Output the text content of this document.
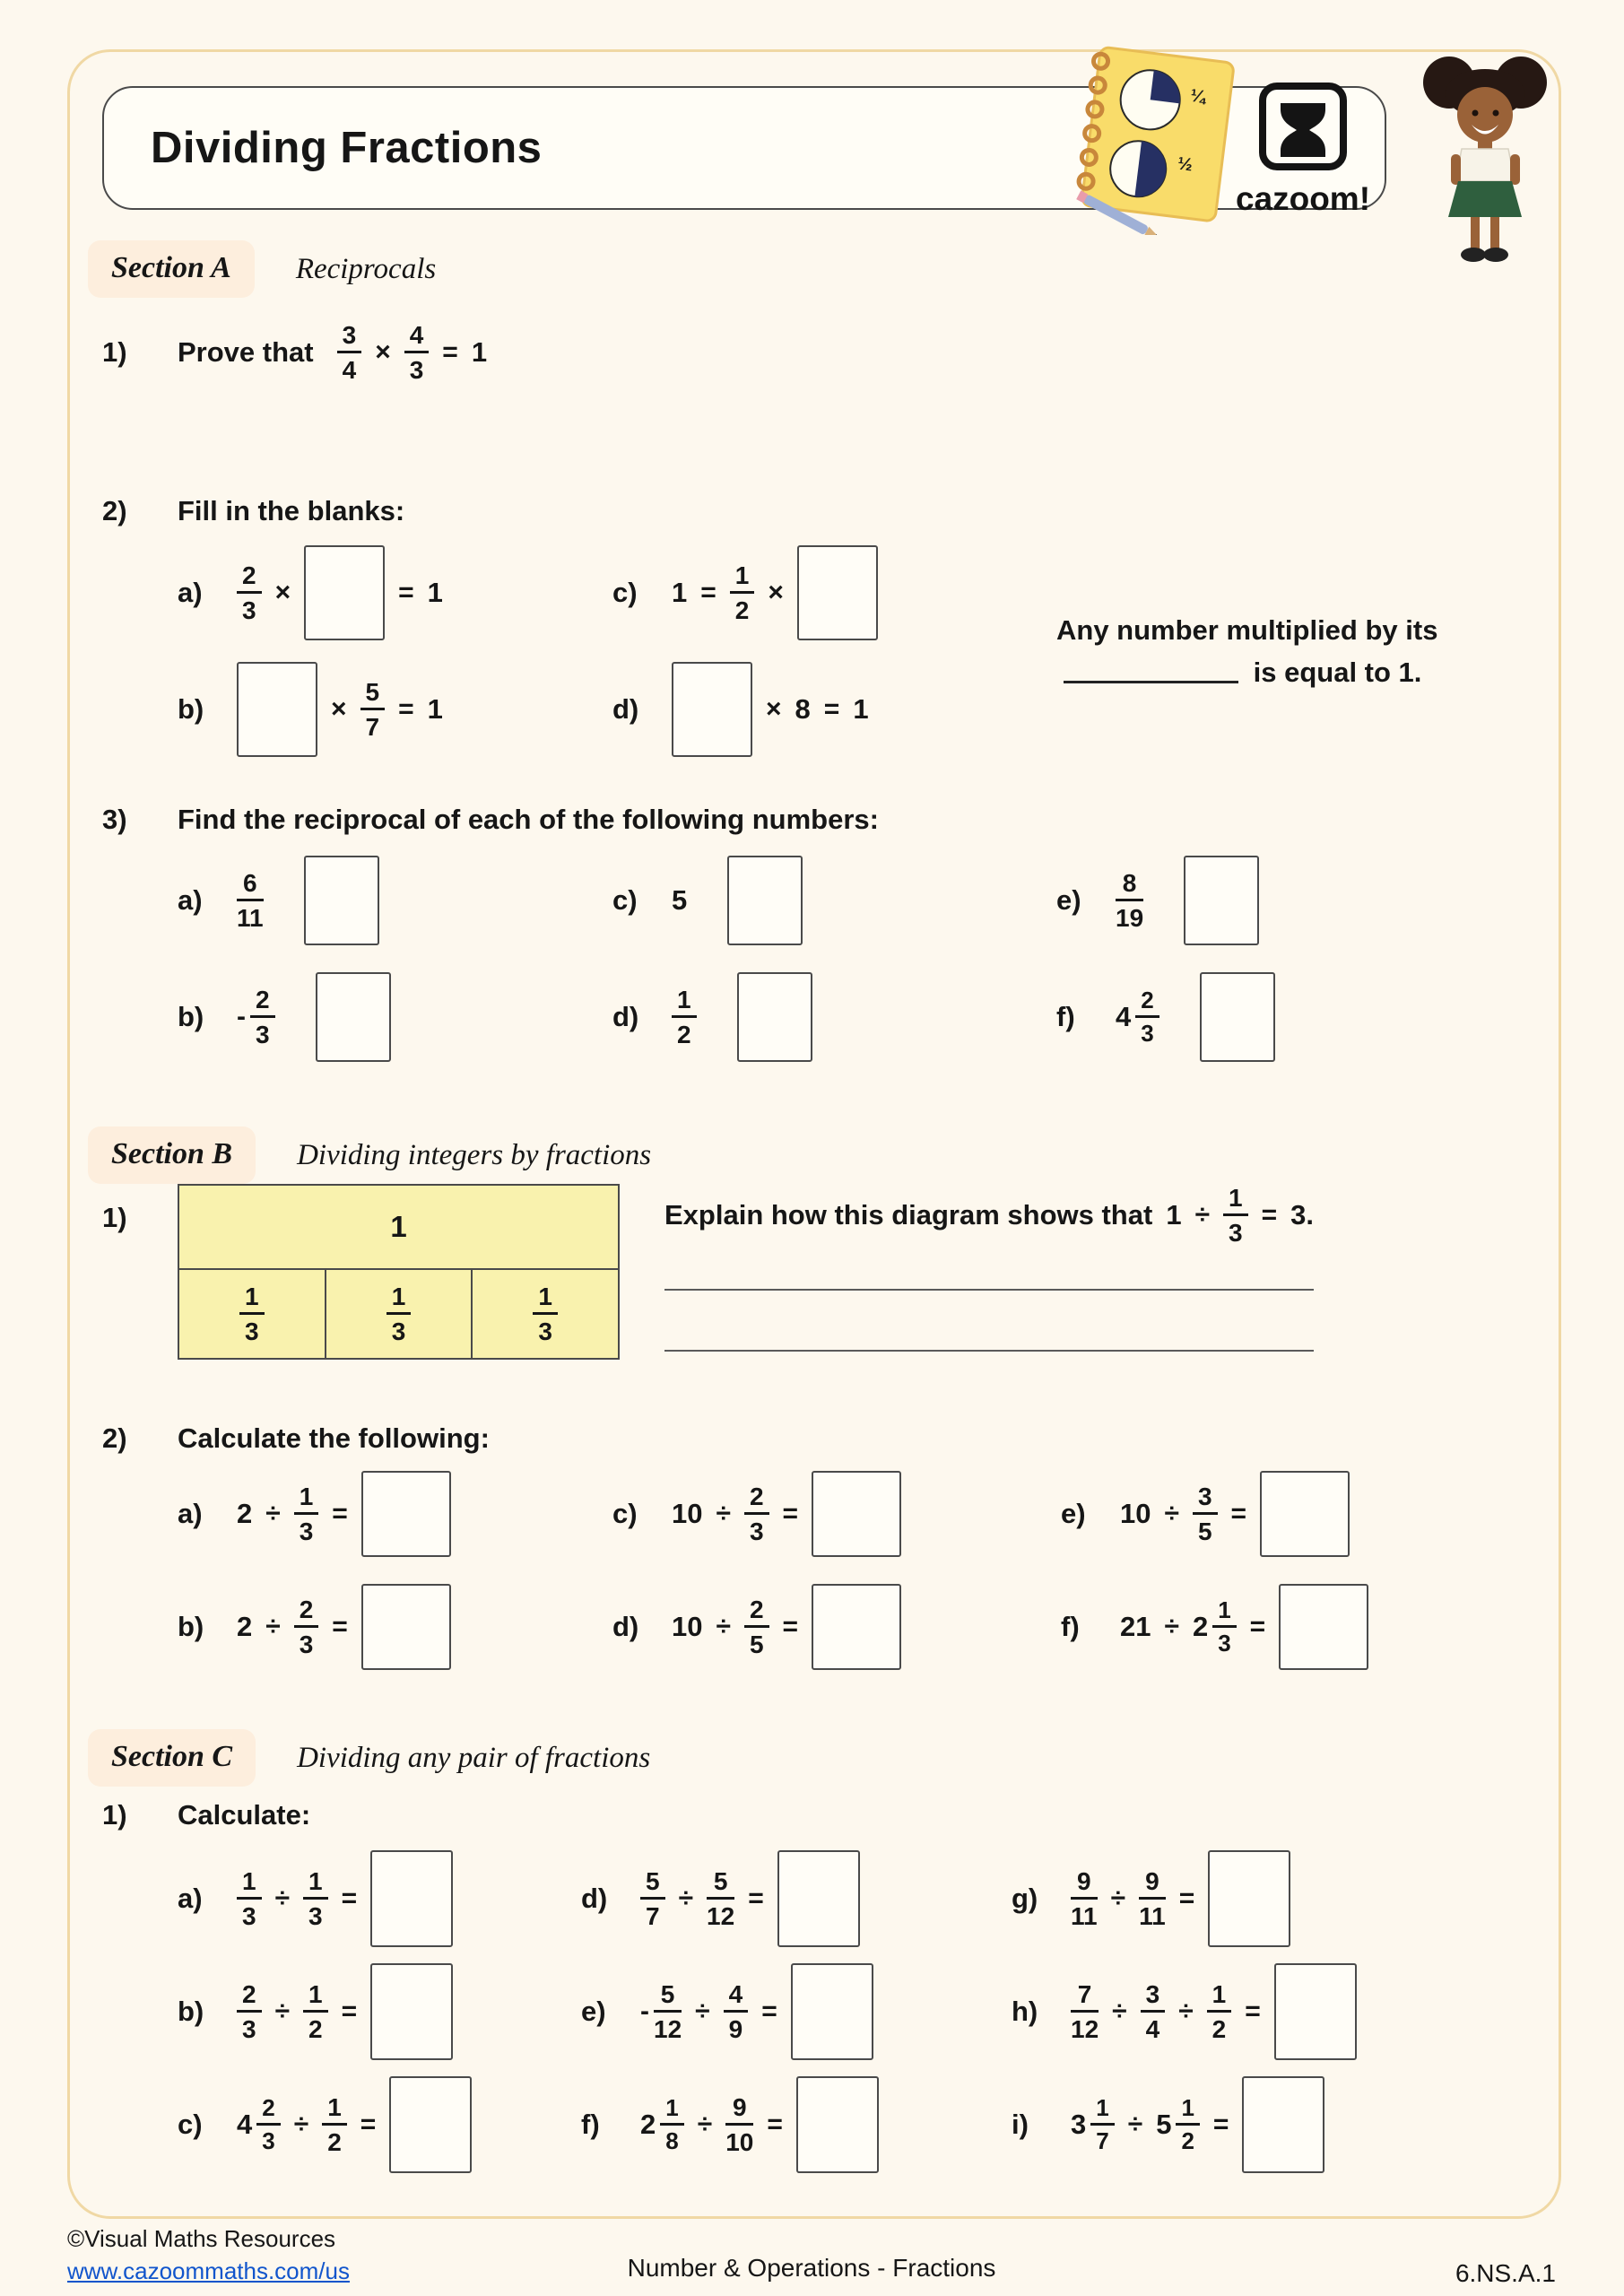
Dividing Fractions
¼
½
cazoom!
Section A	Reciprocals
1)	Prove that $\frac{3}{4} \times \frac{4}{3} = 1$
2)	Fill in the blanks:
a)	$\frac{2}{3}$ ×	= 1	c)	$1 = \frac{1}{2}$ ×
Any number multiplied by its  is equal to 1.
b)	× $\frac{5}{7} = 1$	d)	× 8 = 1
3)	Find the reciprocal of each of the following numbers:
a)	$\frac{6}{11}$	c)	5	e)	$\frac{8}{19}$
b)	- $\frac{2}{3}$	d)	$\frac{1}{2}$	f)	$4 \frac{2}{3}$
Section B	Dividing integers by fractions
1)	1
$\frac{1}{3}$	$\frac{1}{3}$	$\frac{1}{3}$
Explain how this diagram shows that $1 \div \frac{1}{3} = 3$.
2)	Calculate the following:
a)	$2 \div \frac{1}{3}$ =	c)	$10 \div \frac{2}{3}$ =	e)	$10 \div \frac{3}{5}$ =
b)	$2 \div \frac{2}{3}$ =	d)	$10 \div \frac{2}{5}$ =	f)	$21 \div 2 \frac{1}{3}$ =
Section C	Dividing any pair of fractions
1)	Calculate:
a)	$\frac{1}{3} \div \frac{1}{3}$ =	d)	$\frac{5}{7} \div \frac{5}{12}$ =	g)	$\frac{9}{11} \div \frac{9}{11}$ =
b)	$\frac{2}{3} \div \frac{1}{2}$ =	e)	- $\frac{5}{12} \div \frac{4}{9}$ =	h)	$\frac{7}{12} \div \frac{3}{4} \div \frac{1}{2}$ =
c)	$4 \frac{2}{3} \div \frac{1}{2}$ =	f)	$2 \frac{1}{8} \div \frac{9}{10}$ =	i)	$3 \frac{1}{7} \div 5 \frac{1}{2}$ =
©Visual Maths Resources
www.cazoommaths.com/us	Number & Operations - Fractions	6.NS.A.1
